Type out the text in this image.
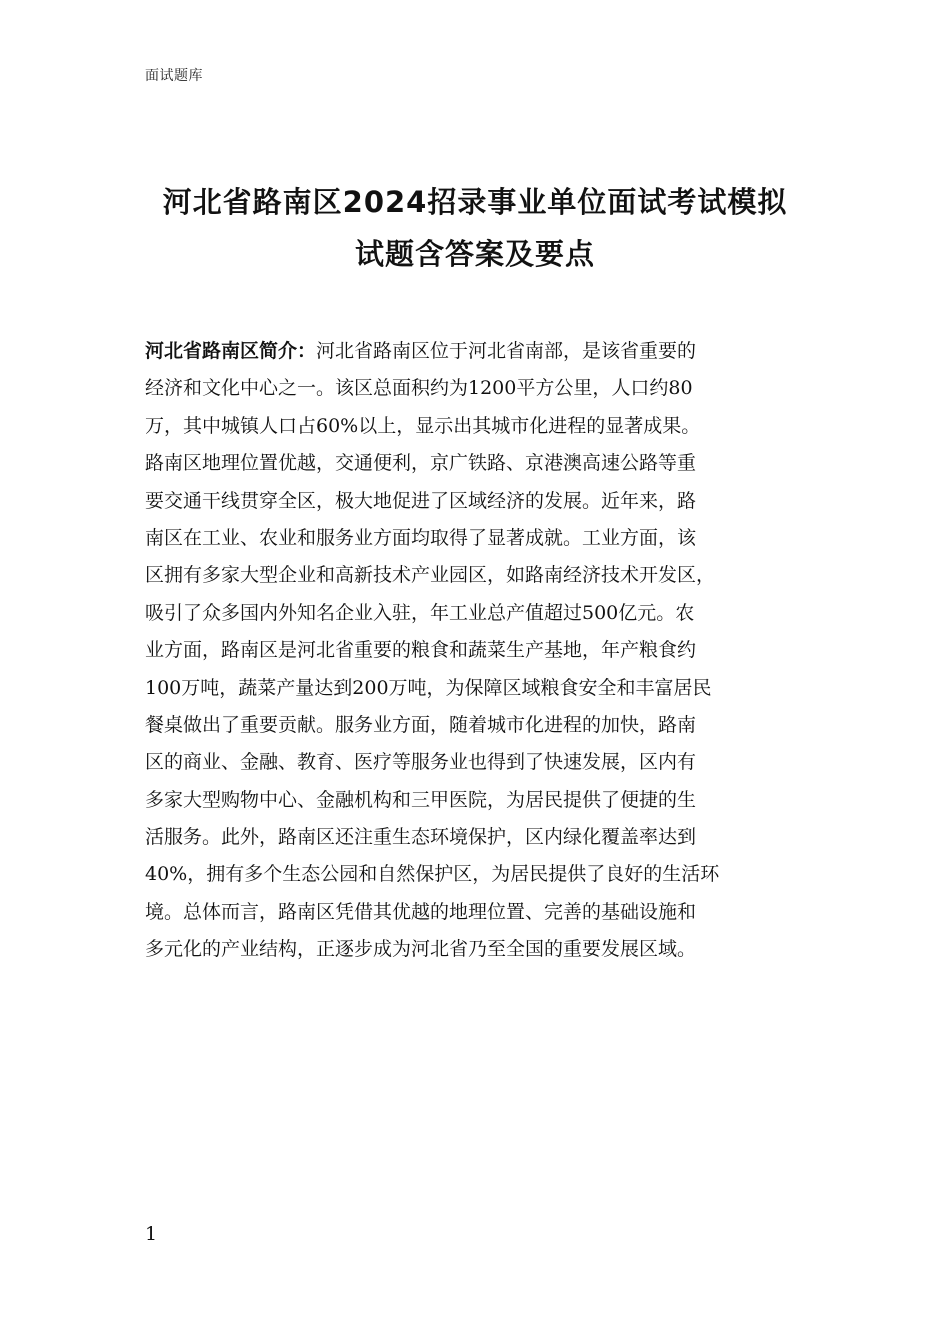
面试题库
河北省路南区2024招录事业单位面试考试模拟
试题含答案及要点
河北省路南区简介：河北省路南区位于河北省南部，是该省重要的
经济和文化中心之一。该区总面积约为1200平方公里，人口约80
万，其中城镇人口占60%以上，显示出其城市化进程的显著成果。
路南区地理位置优越，交通便利，京广铁路、京港澳高速公路等重
要交通干线贯穿全区，极大地促进了区域经济的发展。近年来，路
南区在工业、农业和服务业方面均取得了显著成就。工业方面，该
区拥有多家大型企业和高新技术产业园区，如路南经济技术开发区，
吸引了众多国内外知名企业入驻，年工业总产值超过500亿元。农
业方面，路南区是河北省重要的粮食和蔬菜生产基地，年产粮食约
100万吨，蔬菜产量达到200万吨，为保障区域粮食安全和丰富居民
餐桌做出了重要贡献。服务业方面，随着城市化进程的加快，路南
区的商业、金融、教育、医疗等服务业也得到了快速发展，区内有
多家大型购物中心、金融机构和三甲医院，为居民提供了便捷的生
活服务。此外，路南区还注重生态环境保护，区内绿化覆盖率达到
40%，拥有多个生态公园和自然保护区，为居民提供了良好的生活环
境。总体而言，路南区凭借其优越的地理位置、完善的基础设施和
多元化的产业结构，正逐步成为河北省乃至全国的重要发展区域。
1
